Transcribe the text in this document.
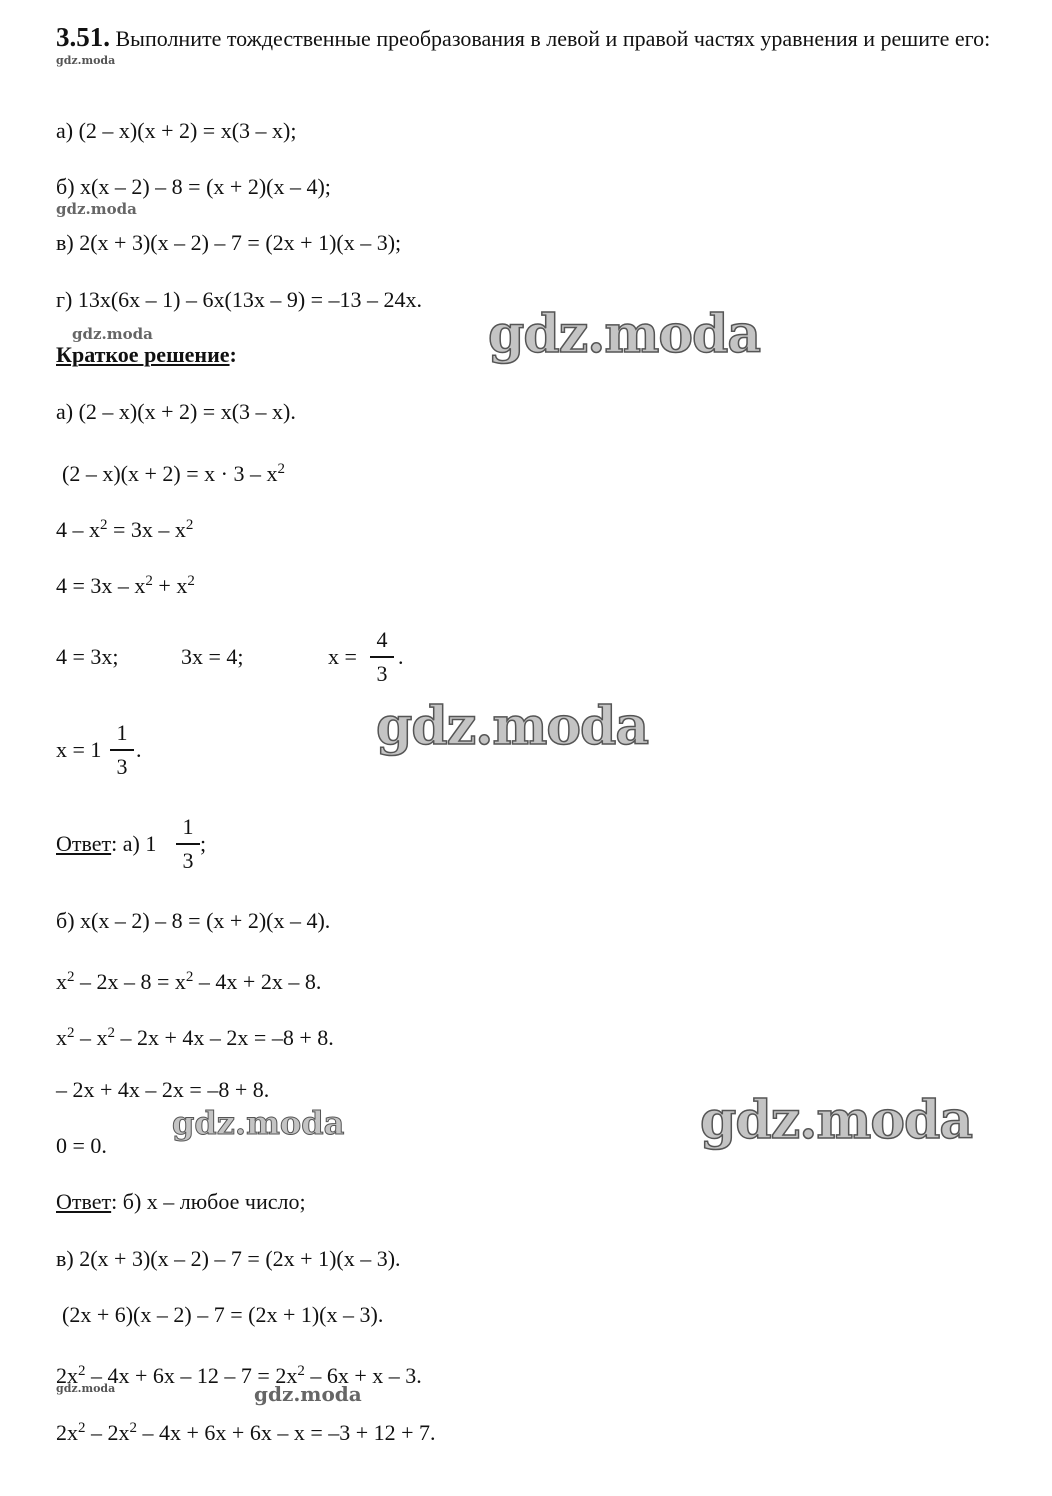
3.51. Выполните тождественные преобразования в левой и правой частях уравнения и решите его:
а) (2 – x)(x + 2) = x(3 – x);
б) x(x – 2) – 8 = (x + 2)(x – 4);
в) 2(x + 3)(x – 2) – 7 = (2x + 1)(x – 3);
г) 13x(6x – 1) – 6x(13x – 9) = –13 – 24x.
Краткое решение:
а) (2 – x)(x + 2) = x(3 – x).
$(2 - x)(x + 2) = x \cdot 3 - x^2$
$4 - x^2 = 3x - x^2$
$4 = 3x - x^2 + x^2$
4 = 3x;	3x = 4;	x =
4
3
.
x = 1
1
3
.
Ответ: а) 1
1
3
;
б) x(x – 2) – 8 = (x + 2)(x – 4).
$x^2 - 2x - 8 = x^2 - 4x + 2x - 8$.
$x^2 - x^2 - 2x + 4x - 2x = -8 + 8$.
– 2x + 4x – 2x = –8 + 8.
0 = 0.
Ответ: б) x – любое число;
в) 2(x + 3)(x – 2) – 7 = (2x + 1)(x – 3).
(2x + 6)(x – 2) – 7 = (2x + 1)(x – 3).
$2x^2 - 4x + 6x - 12 - 7 = 2x^2 - 6x + x - 3$.
$2x^2 - 2x^2 - 4x + 6x + 6x - x = -3 + 12 + 7$.
gdz.moda
gdz.moda
gdz.moda	gdz.moda
gdz.moda
gdz.moda	gdz.moda
gdz.moda	gdz.moda
